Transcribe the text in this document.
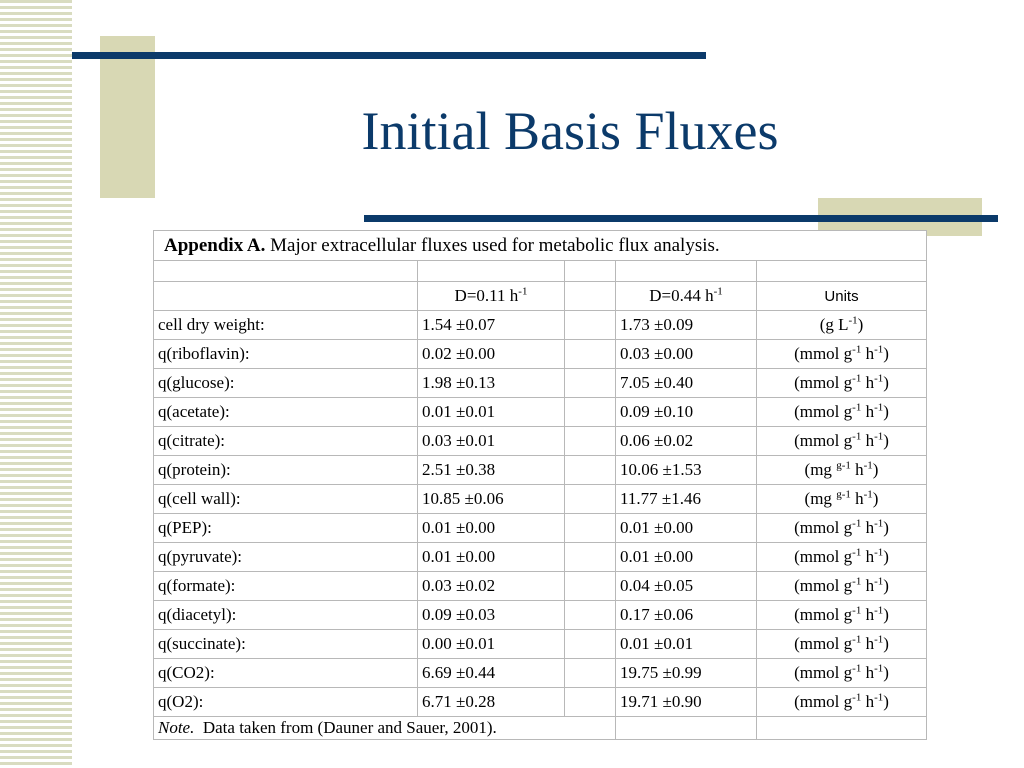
Initial Basis Fluxes
Appendix A. Major extracellular fluxes used for metabolic flux analysis.				

	D=0.11 $h^{-1}$		D=0.44 $h^{-1}$	Units
cell dry weight:	1.54 ±0.07		1.73 ±0.09	(g $L^{-1}$)
q(riboflavin):	0.02 ±0.00		0.03 ±0.00	(mmol $g^{-1}$ $h^{-1}$)
q(glucose):	1.98 ±0.13		7.05 ±0.40	(mmol $g^{-1}$ $h^{-1}$)
q(acetate):	0.01 ±0.01		0.09 ±0.10	(mmol $g^{-1}$ $h^{-1}$)
q(citrate):	0.03 ±0.01		0.06 ±0.02	(mmol $g^{-1}$ $h^{-1}$)
q(protein):	2.51 ±0.38		10.06 ±1.53	(mg $^{g-1}$ $h^{-1}$)
q(cell wall):	10.85 ±0.06		11.77 ±1.46	(mg $^{g-1}$ $h^{-1}$)
q(PEP):	0.01 ±0.00		0.01 ±0.00	(mmol $g^{-1}$ $h^{-1}$)
q(pyruvate):	0.01 ±0.00		0.01 ±0.00	(mmol $g^{-1}$ $h^{-1}$)
q(formate):	0.03 ±0.02		0.04 ±0.05	(mmol $g^{-1}$ $h^{-1}$)
q(diacetyl):	0.09 ±0.03		0.17 ±0.06	(mmol $g^{-1}$ $h^{-1}$)
q(succinate):	0.00 ±0.01		0.01 ±0.01	(mmol $g^{-1}$ $h^{-1}$)
q(CO2):	6.69 ±0.44		19.75 ±0.99	(mmol $g^{-1}$ $h^{-1}$)
q(O2):	6.71 ±0.28		19.71 ±0.90	(mmol $g^{-1}$ $h^{-1}$)
Note.  Data taken from (Dauner and Sauer, 2001).				
